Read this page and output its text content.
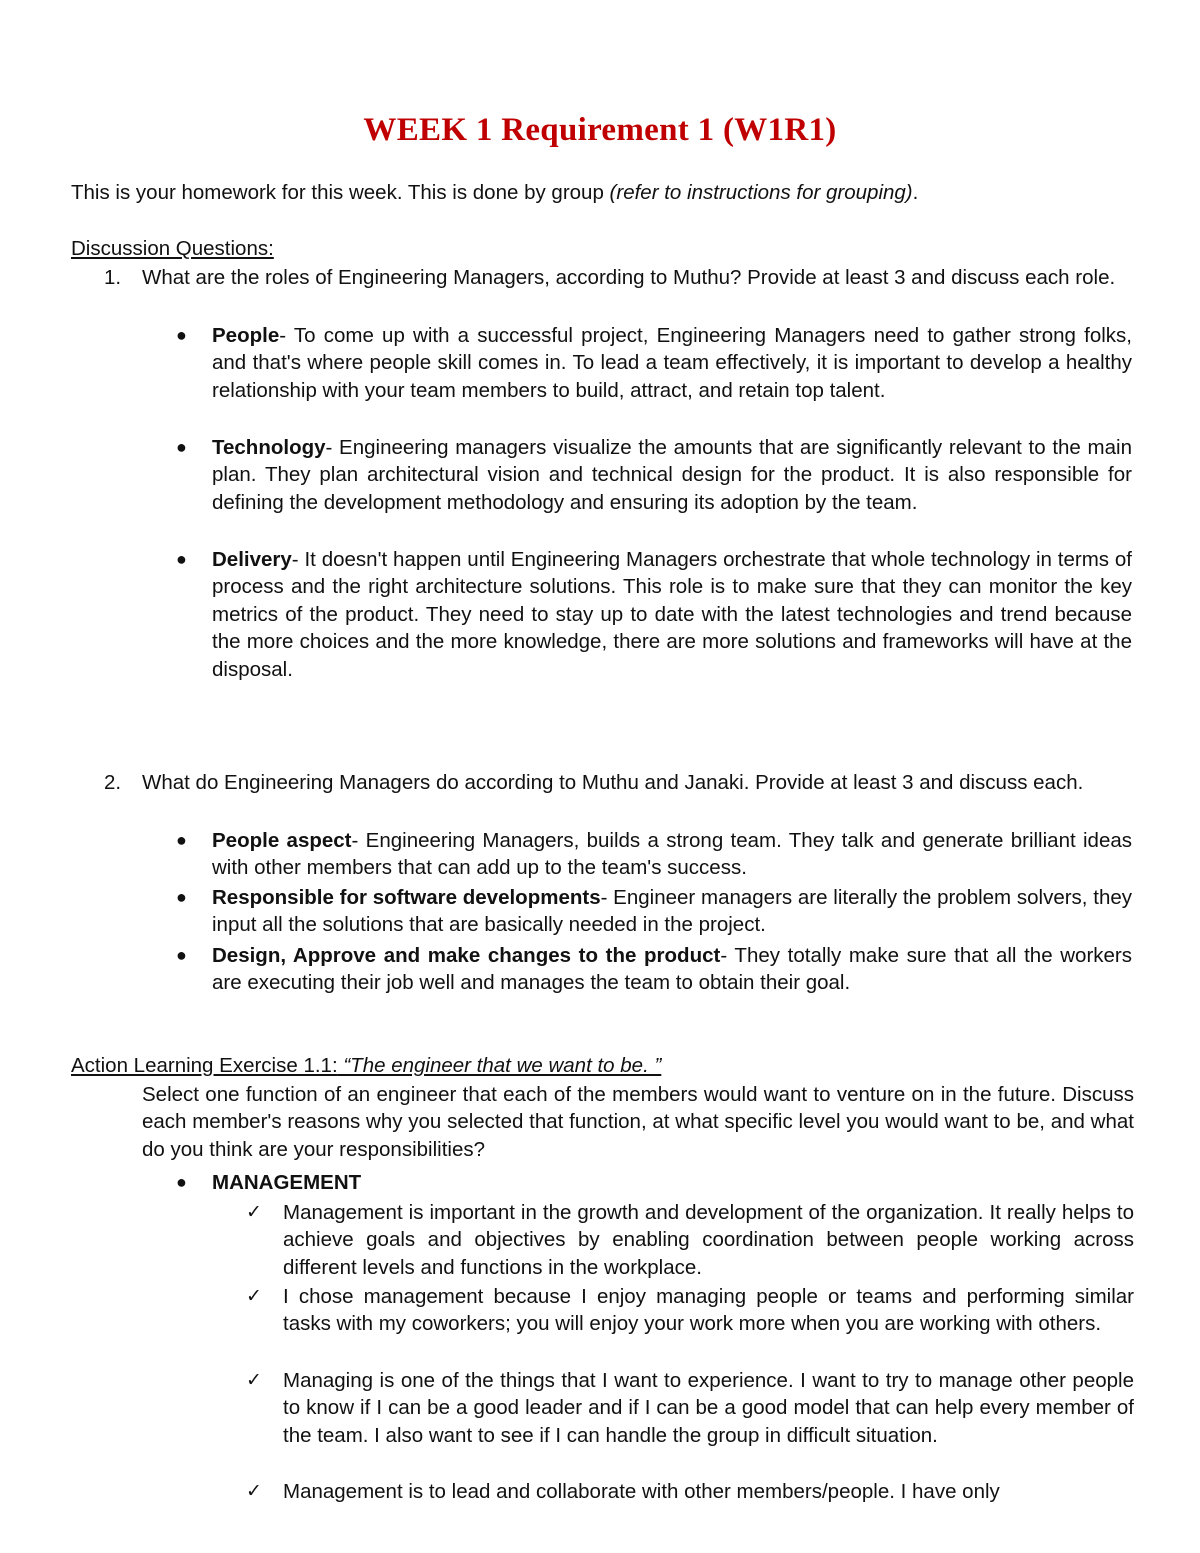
WEEK 1 Requirement 1 (W1R1)
This is your homework for this week. This is done by group (refer to instructions for grouping).
Discussion Questions:
1. What are the roles of Engineering Managers, according to Muthu? Provide at least 3 and discuss each role.
● People- To come up with a successful project, Engineering Managers need to gather strong folks, and that's where people skill comes in. To lead a team effectively, it is important to develop a healthy relationship with your team members to build, attract, and retain top talent.
● Technology- Engineering managers visualize the amounts that are significantly relevant to the main plan. They plan architectural vision and technical design for the product. It is also responsible for defining the development methodology and ensuring its adoption by the team.
● Delivery- It doesn't happen until Engineering Managers orchestrate that whole technology in terms of process and the right architecture solutions. This role is to make sure that they can monitor the key metrics of the product. They need to stay up to date with the latest technologies and trend because the more choices and the more knowledge, there are more solutions and frameworks will have at the disposal.
2. What do Engineering Managers do according to Muthu and Janaki. Provide at least 3 and discuss each.
● People aspect- Engineering Managers, builds a strong team. They talk and generate brilliant ideas with other members that can add up to the team's success.
● Responsible for software developments- Engineer managers are literally the problem solvers, they input all the solutions that are basically needed in the project.
● Design, Approve and make changes to the product- They totally make sure that all the workers are executing their job well and manages the team to obtain their goal.
Action Learning Exercise 1.1: “The engineer that we want to be. ”
Select one function of an engineer that each of the members would want to venture on in the future. Discuss each member's reasons why you selected that function, at what specific level you would want to be, and what do you think are your responsibilities?
● MANAGEMENT
✓ Management is important in the growth and development of the organization. It really helps to achieve goals and objectives by enabling coordination between people working across different levels and functions in the workplace.
✓ I chose management because I enjoy managing people or teams and performing similar tasks with my coworkers; you will enjoy your work more when you are working with others.
✓ Managing is one of the things that I want to experience. I want to try to manage other people to know if I can be a good leader and if I can be a good model that can help every member of the team. I also want to see if I can handle the group in difficult situation.
✓ Management is to lead and collaborate with other members/people. I have only
